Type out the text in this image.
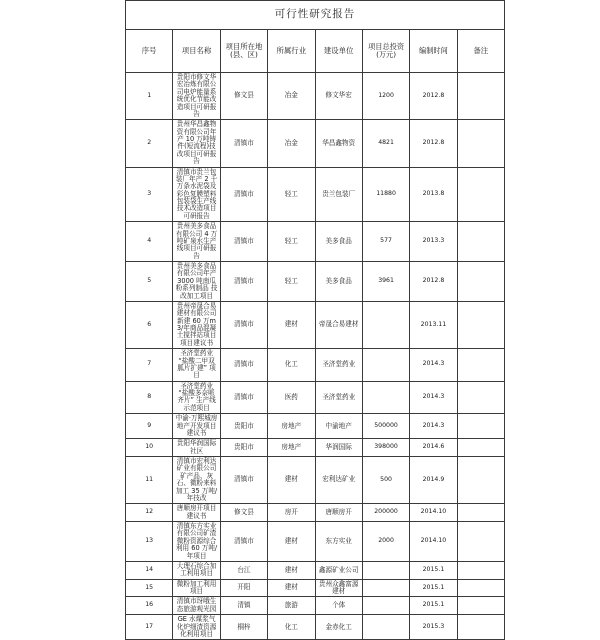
可行性研究报告							
序号	项目名称	项目所在地(县、区)	所属行业	建设单位	项目总投资(万元)	编制时间	备注
1	贵阳市修文华宏冶炼有限公司电炉能量系统优化节能改造项目可研报告	修文县	冶金	修文华宏	1200	2012.8	
2	贵州华昌鑫物资有限公司年产 10 万吨铸件(短流程)技改项目可研报告	清镇市	冶金	华昌鑫物资	4821	2012.8	
3	清镇市贵兰包装厂年产 2 千万条水泥袋及彩色复膜塑料包装袋生产线技术改造项目可研报告	清镇市	轻工	贵兰包装厂	11880	2013.8	
4	贵州美多食品有限公司 4 万吨矿泉水生产线项目可研报告	清镇市	轻工	美多食品	577	2013.3	
5	贵州美多食品有限公司年产 3000 吨南瓜粉系列制品 技改加工项目	清镇市	轻工	美多食品	3961	2012.8	
6	贵州帝晟合易建材有限公司新建 60 万m3/年商品混凝土搅拌站项目项目建议书	清镇市	建材	帝晟合易建材		2013.11	
7	圣济堂药业 “盐酸二甲双胍片扩建” 项目	清镇市	化工	圣济堂药业		2014.3	
8	圣济堂药业 “盐酸多奈哌齐片” 生产线示范项目	清镇市	医药	圣济堂药业		2014.3	
9	中渝·万熙城房地产开发项目建议书	贵阳市	房地产	中渝地产	500000	2014.3	
10	贵阳华润国际社区	贵阳市	房地产	华润国际	398000	2014.6	
11	清镇市宏利达矿业有限公司矿产品、灰石、微粉来料加工 35 万吨/年技改	清镇市	建材	宏利达矿业	500	2014.9	
12	唐顺房开项目建议书	修文县	房开	唐顺房开	200000	2014.10	
13	清镇东方实业有限公司矿渣微粉资源综合利用 60 万吨/年项目	清镇市	建材	东方实业	2000	2014.10	
14	大理石综合加工利用项目	台江	建材	鑫源矿业公司		2015.1	
15	微粉加工利用项目	开阳	建材	贵州众鑫富源建材		2015.1	
16	清镇市玡哦生态旅游观光园	清镇	旅游	个体		2015.1	
17	GE 水煤浆气化炉细渣资源化利用项目	桐梓	化工	金赤化工		2015.3	
